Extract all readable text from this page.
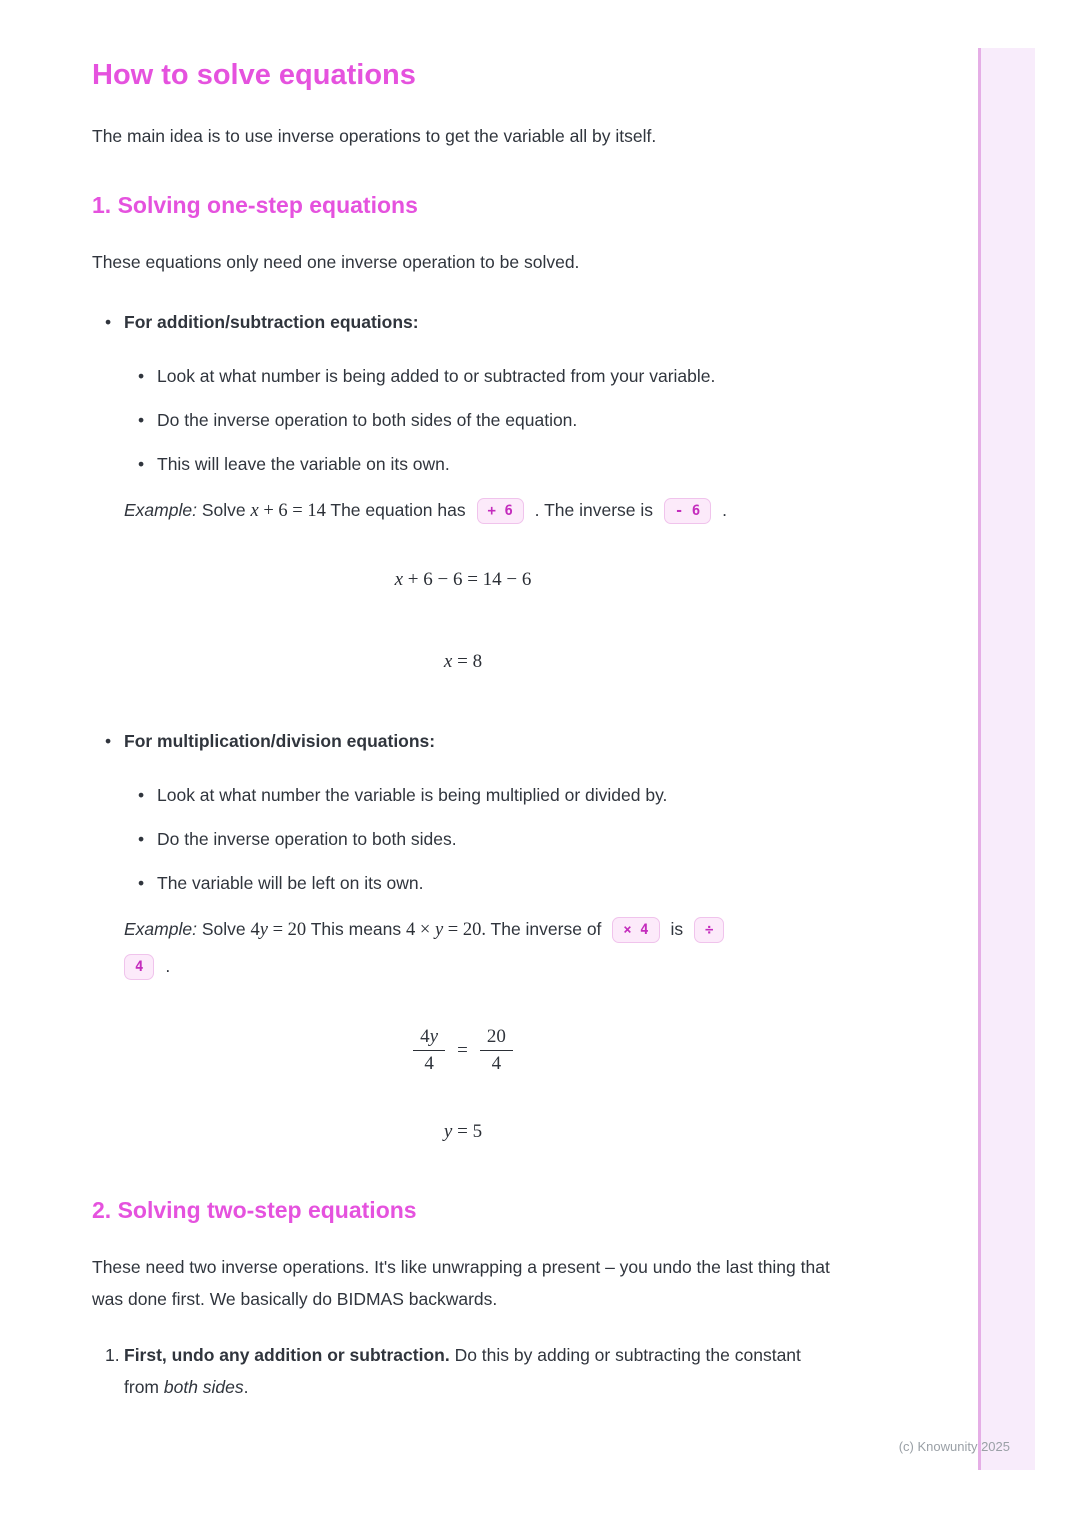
How to solve equations

The main idea is to use inverse operations to get the variable all by itself.

1. Solving one-step equations

These equations only need one inverse operation to be solved.

• For addition/subtraction equations:
• Look at what number is being added to or subtracted from your variable.
• Do the inverse operation to both sides of the equation.
• This will leave the variable on its own.
Example: Solve x + 6 = 14 The equation has + 6 . The inverse is - 6 .
x + 6 − 6 = 14 − 6
x = 8
• For multiplication/division equations:
• Look at what number the variable is being multiplied or divided by.
• Do the inverse operation to both sides.
• The variable will be left on its own.
Example: Solve 4y = 20 This means 4 × y = 20. The inverse of × 4 is ÷
4 .
$\frac{4y}{4} = \frac{20}{4}$
y = 5
2. Solving two-step equations

These need two inverse operations. It's like unwrapping a present – you undo the last thing that was done first. We basically do BIDMAS backwards.

1. First, undo any addition or subtraction. Do this by adding or subtracting the constant from both sides.
(c) Knowunity 2025
